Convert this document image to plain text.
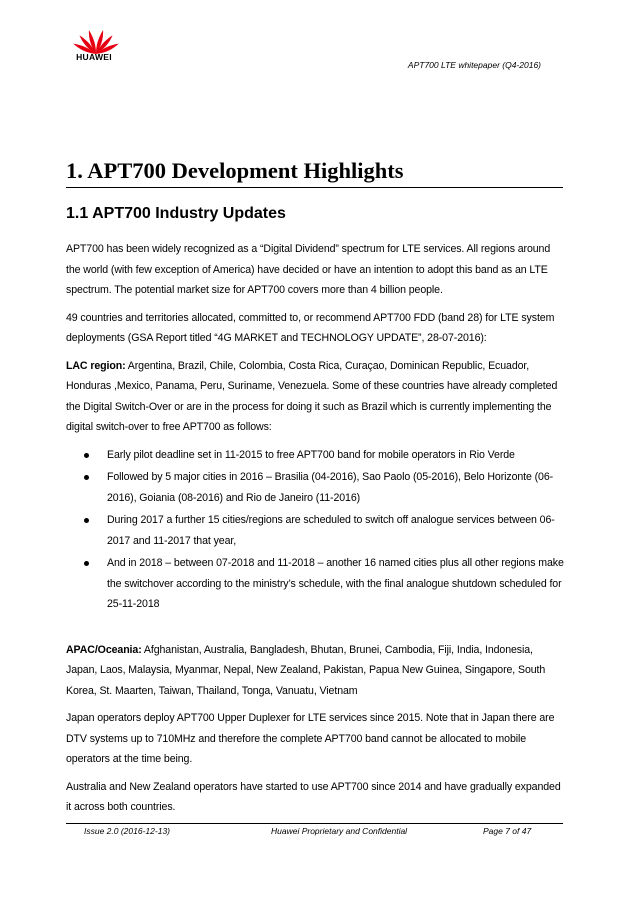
HUAWEI
APT700 LTE whitepaper (Q4-2016)
1. APT700 Development Highlights
1.1 APT700 Industry Updates

APT700 has been widely recognized as a “Digital Dividend” spectrum for LTE services. All regions around the world (with few exception of America) have decided or have an intention to adopt this band as an LTE spectrum. The potential market size for APT700 covers more than 4 billion people.

49 countries and territories allocated, committed to, or recommend APT700 FDD (band 28) for LTE system deployments (GSA Report titled “4G MARKET and TECHNOLOGY UPDATE”, 28-07-2016):

LAC region: Argentina, Brazil, Chile, Colombia, Costa Rica, Curaçao, Dominican Republic, Ecuador, Honduras ,Mexico, Panama, Peru, Suriname, Venezuela. Some of these countries have already completed the Digital Switch-Over or are in the process for doing it such as Brazil which is currently implementing the digital switch-over to free APT700 as follows:

Early pilot deadline set in 11-2015 to free APT700 band for mobile operators in Rio Verde
Followed by 5 major cities in 2016 – Brasilia (04-2016), Sao Paolo (05-2016), Belo Horizonte (06-2016), Goiania (08-2016) and Rio de Janeiro (11-2016)
During 2017 a further 15 cities/regions are scheduled to switch off analogue services between 06-2017 and 11-2017 that year,
And in 2018 – between 07-2018 and 11-2018 – another 16 named cities plus all other regions make the switchover according to the ministry’s schedule, with the final analogue shutdown scheduled for 25-11-2018

APAC/Oceania: Afghanistan, Australia, Bangladesh, Bhutan, Brunei, Cambodia, Fiji, India, Indonesia, Japan, Laos, Malaysia, Myanmar, Nepal, New Zealand, Pakistan, Papua New Guinea, Singapore, South Korea, St. Maarten, Taiwan, Thailand, Tonga, Vanuatu, Vietnam

Japan operators deploy APT700 Upper Duplexer for LTE services since 2015. Note that in Japan there are DTV systems up to 710MHz and therefore the complete APT700 band cannot be allocated to mobile operators at the time being.

Australia and New Zealand operators have started to use APT700 since 2014 and have gradually expanded it across both countries.

Issue 2.0 (2016-12-13)	Huawei Proprietary and Confidential	Page 7 of 47
